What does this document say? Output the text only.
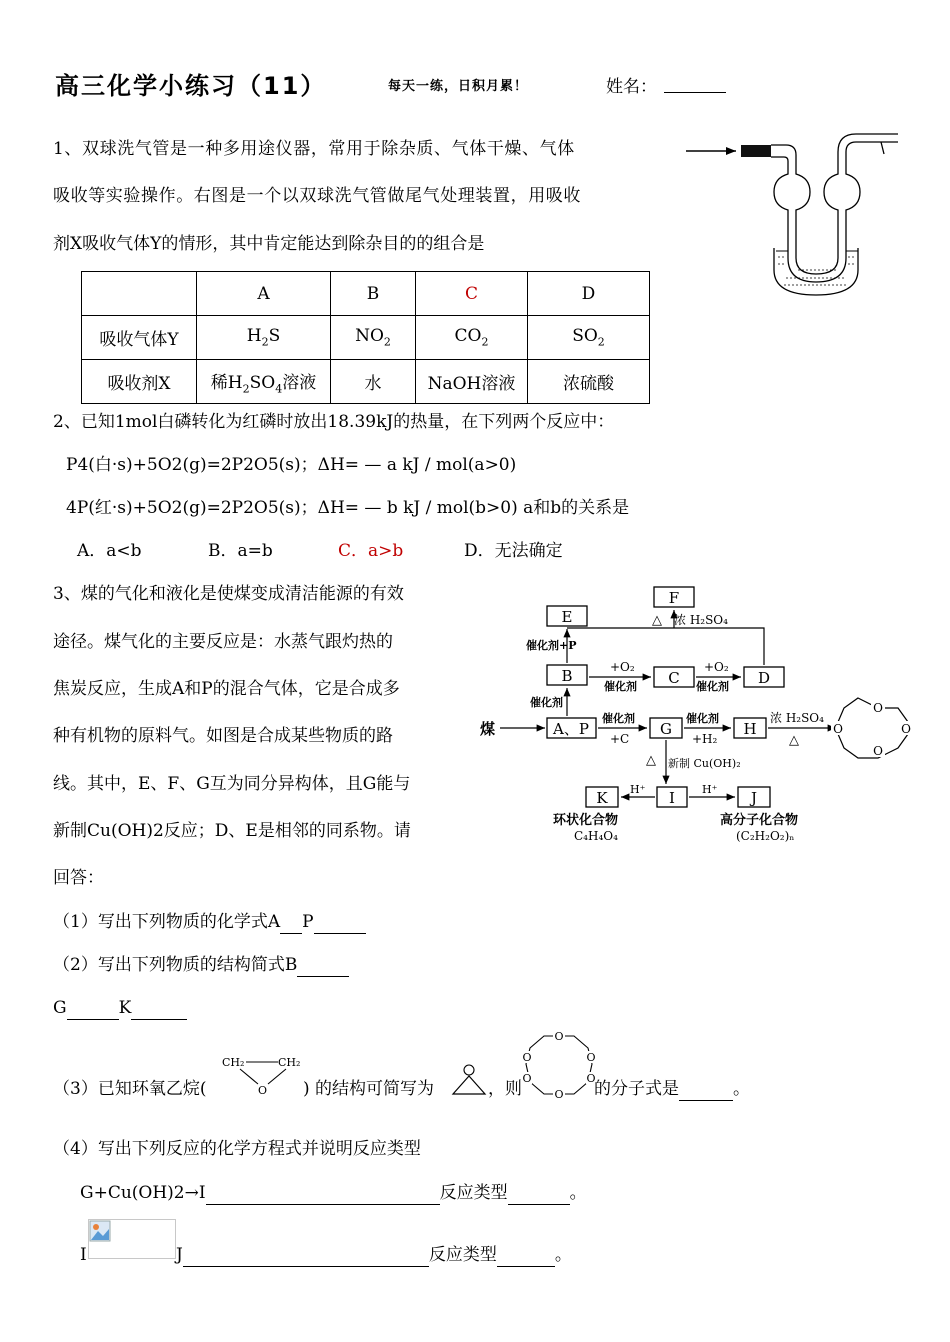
高三化学小练习（11）	每天一练，日积月累！	姓名：
1、双球洗气管是一种多用途仪器，常用于除杂质、气体干燥、气体
吸收等实验操作。右图是一个以双球洗气管做尾气处理装置，用吸收
剂X吸收气体Y的情形，其中肯定能达到除杂目的的组合是
	A	B	C	D
吸收气体Y	$H_2S$	$NO_2$	$CO_2$	$SO_2$
吸收剂X	稀$H_2SO_4$溶液	水	NaOH溶液	浓硫酸
2、已知1mol白磷转化为红磷时放出18.39kJ的热量，在下列两个反应中：
P4(白·s)+5O2(g)=2P2O5(s)；ΔH= — a kJ / mol(a>0)
4P(红·s)+5O2(g)=2P2O5(s)；ΔH= — b kJ / mol(b>0) a和b的关系是
A．a<b	B．a=b	C．a>b	D．无法确定
3、煤的气化和液化是使煤变成清洁能源的有效
途径。煤气化的主要反应是：水蒸气跟灼热的
焦炭反应，生成A和P的混合气体，它是合成多
种有机物的原料气。如图是合成某些物质的路
线。其中，E、F、G互为同分异构体，且G能与
新制Cu(OH)2反应；D、E是相邻的同系物。请
回答：
E
F
B	C	D
A、P	G	H
I
K	J
煤
催化剂
催化剂+P
△ 浓 H₂SO₄
+O₂
催化剂
+O₂
催化剂
催化剂
+C
催化剂
+H₂
浓 H₂SO₄
△
O
O
O	O
△ 新制 Cu(OH)₂
H⁺	H⁺
环状化合物
C₄H₄O₄
高分子化合物
(C₂H₂O₂)ₙ
（1）写出下列物质的化学式A P
（2）写出下列物质的结构简式B
G	K
（3）已知环氧乙烷(
CH₂	CH₂
O ) 的结构可简写为	，则
O
O
O	O
O	O
的分子式是	。
（4）写出下列反应的化学方程式并说明反应类型
G+Cu(OH)2→I	反应类型	。
I	J	反应类型	。
